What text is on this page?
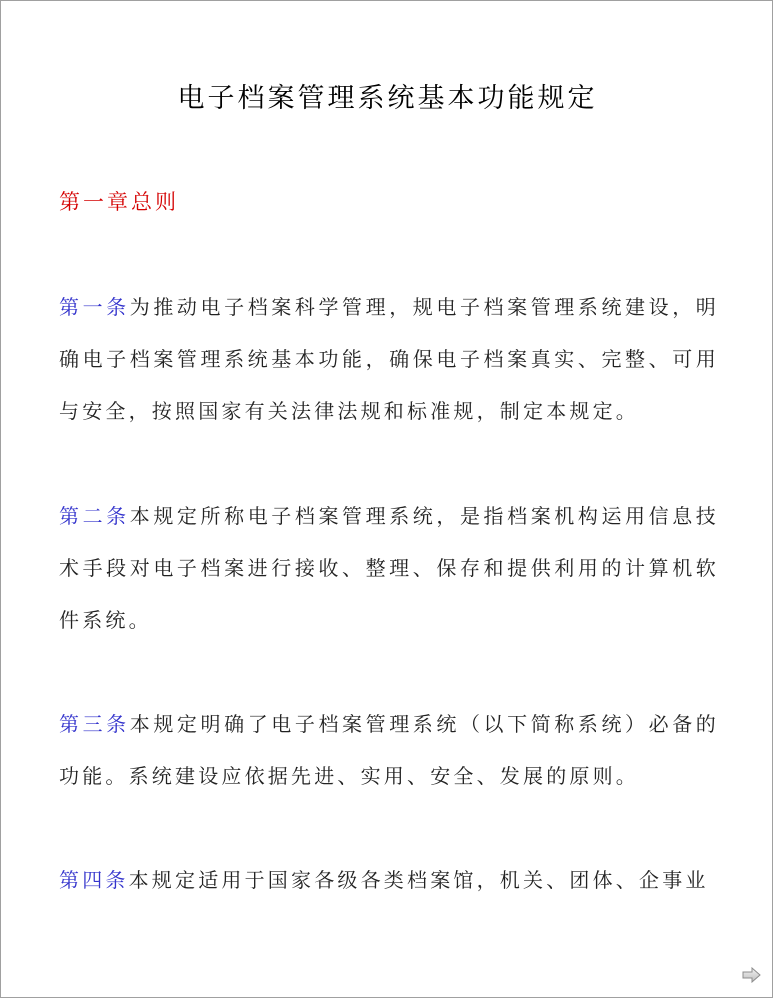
电子档案管理系统基本功能规定
第一章总则

第一条为推动电子档案科学管理，规电子档案管理系统建设，明确电子档案管理系统基本功能，确保电子档案真实、完整、可用与安全，按照国家有关法律法规和标准规，制定本规定。

第二条本规定所称电子档案管理系统，是指档案机构运用信息技术手段对电子档案进行接收、整理、保存和提供利用的计算机软件系统。

第三条本规定明确了电子档案管理系统（以下简称系统）必备的功能。系统建设应依据先进、实用、安全、发展的原则。

第四条本规定适用于国家各级各类档案馆，机关、团体、企事业
